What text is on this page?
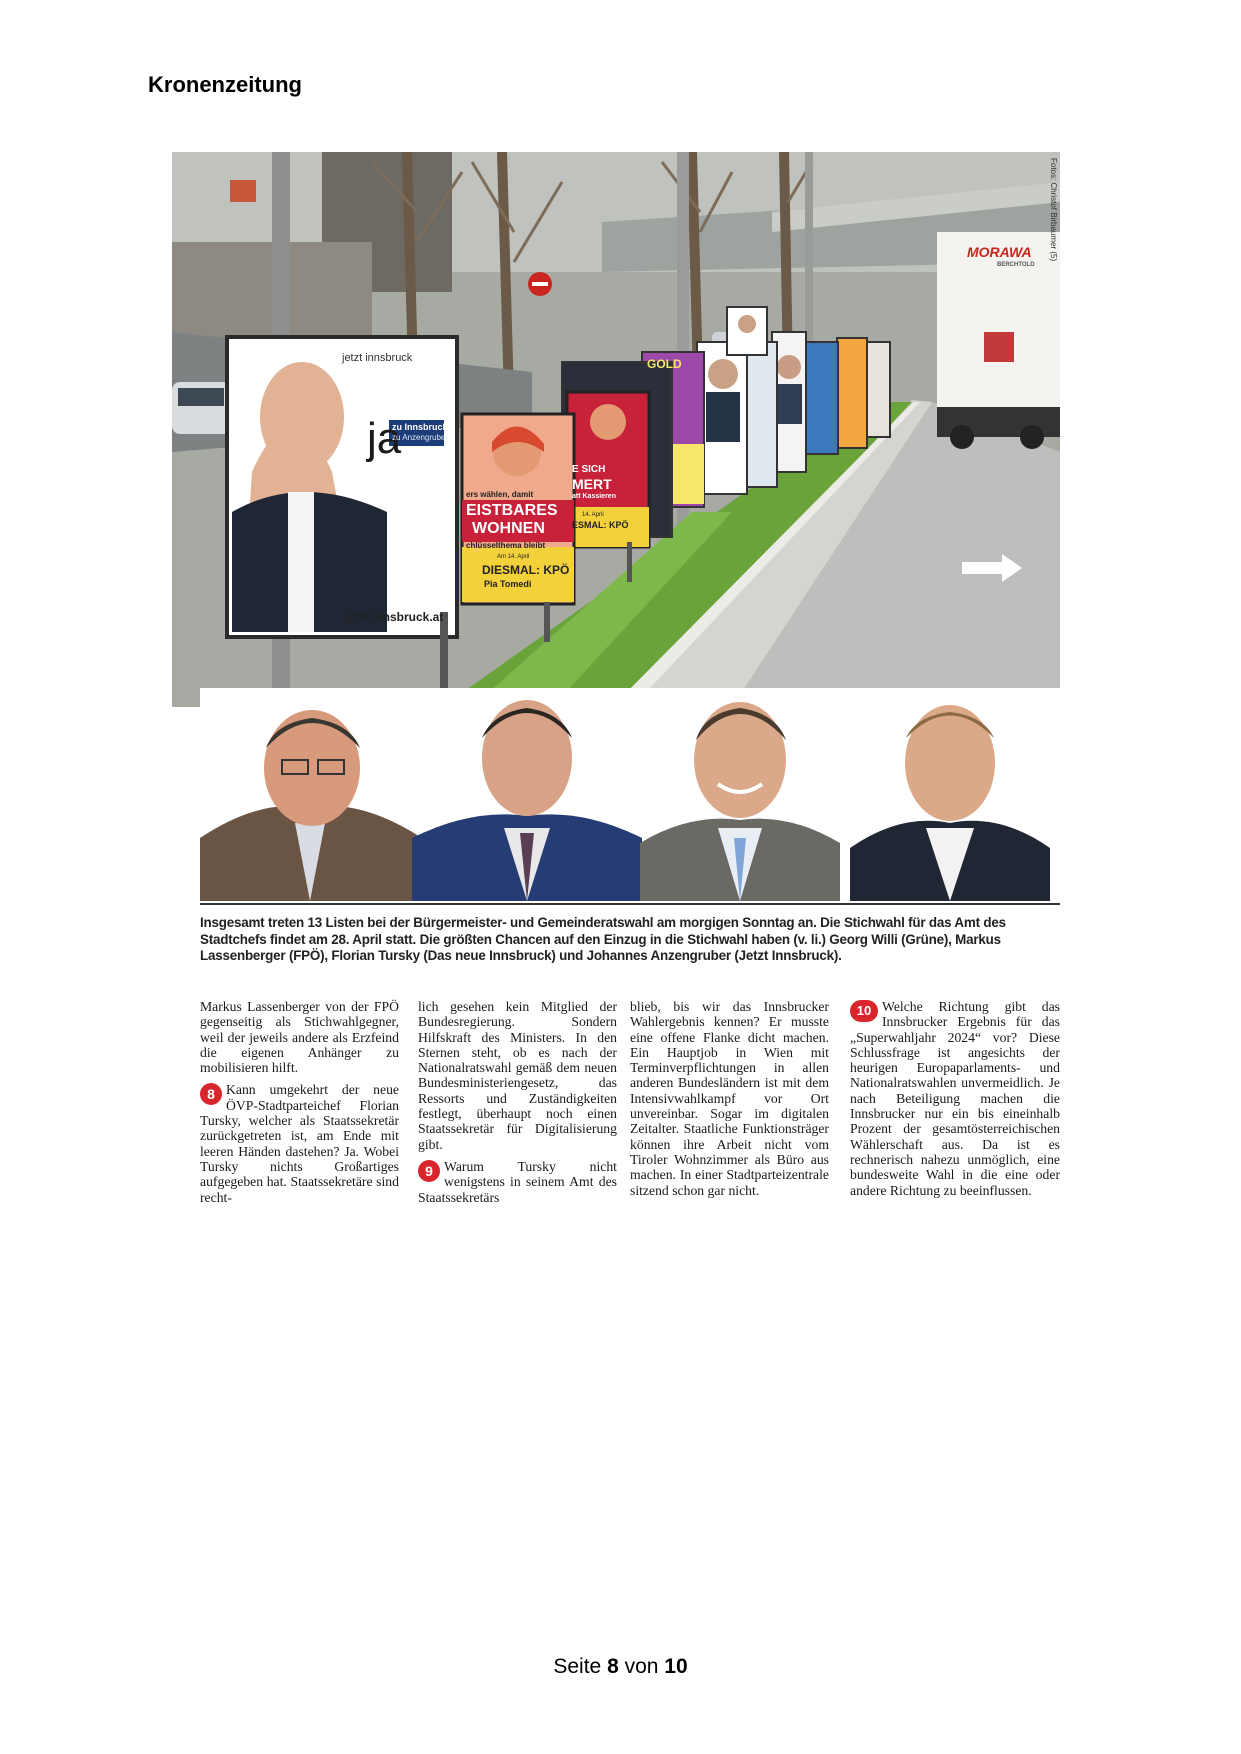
Kronenzeitung
Fotos: Christof Birbaumer (5)
jetzt innsbruck
ja
zu Innsbruck.
zu Anzengruber.
jetzt-innsbruck.at
ers wählen, damit
EISTBARES
WOHNEN
chlüsselthema bleibt
Am 14. April
DIESMAL: KPÖ
Pia Tomedi
E SICH
MERT
att Kassieren
14. April
ESMAL: KPÖ
GOLD
MORAWA
BERCHTOLD
Insgesamt treten 13 Listen bei der Bürgermeister- und Gemeinderatswahl am morgigen Sonntag an. Die Stichwahl für das Amt des Stadtchefs findet am 28. April statt. Die größten Chancen auf den Einzug in die Stichwahl haben (v. li.) Georg Willi (Grüne), Markus Lassenberger (FPÖ), Florian Tursky (Das neue Innsbruck) und Johannes Anzengruber (Jetzt Innsbruck).

Markus Lassenberger von der FPÖ gegenseitig als Stichwahlgegner, weil der jeweils andere als Erzfeind die eigenen Anhänger zu mobilisieren hilft.

8 Kann umgekehrt der neue ÖVP-Stadtparteichef Florian Tursky, welcher als Staatssekretär zurückgetreten ist, am Ende mit leeren Händen dastehen? Ja. Wobei Tursky nichts Großartiges aufgegeben hat. Staatssekretäre sind recht-

lich gesehen kein Mitglied der Bundesregierung. Sondern Hilfskraft des Ministers. In den Sternen steht, ob es nach der Nationalratswahl gemäß dem neuen Bundesministeriengesetz, das Ressorts und Zuständigkeiten festlegt, überhaupt noch einen Staatssekretär für Digitalisierung gibt.

9 Warum Tursky nicht wenigstens in seinem Amt des Staatssekretärs

blieb, bis wir das Innsbrucker Wahlergebnis kennen? Er musste eine offene Flanke dicht machen. Ein Hauptjob in Wien mit Terminverpflichtungen in allen anderen Bundesländern ist mit dem Intensivwahlkampf vor Ort unvereinbar. Sogar im digitalen Zeitalter. Staatliche Funktionsträger können ihre Arbeit nicht vom Tiroler Wohnzimmer als Büro aus machen. In einer Stadtparteizentrale sitzend schon gar nicht.

10 Welche Richtung gibt das Innsbrucker Ergebnis für das „Superwahljahr 2024“ vor? Diese Schlussfrage ist angesichts der heurigen Europaparlaments- und Nationalratswahlen unvermeidlich. Je nach Beteiligung machen die Innsbrucker nur ein bis eineinhalb Prozent der gesamtösterreichischen Wählerschaft aus. Da ist es rechnerisch nahezu unmöglich, eine bundesweite Wahl in die eine oder andere Richtung zu beeinflussen.

Seite 8 von 10
